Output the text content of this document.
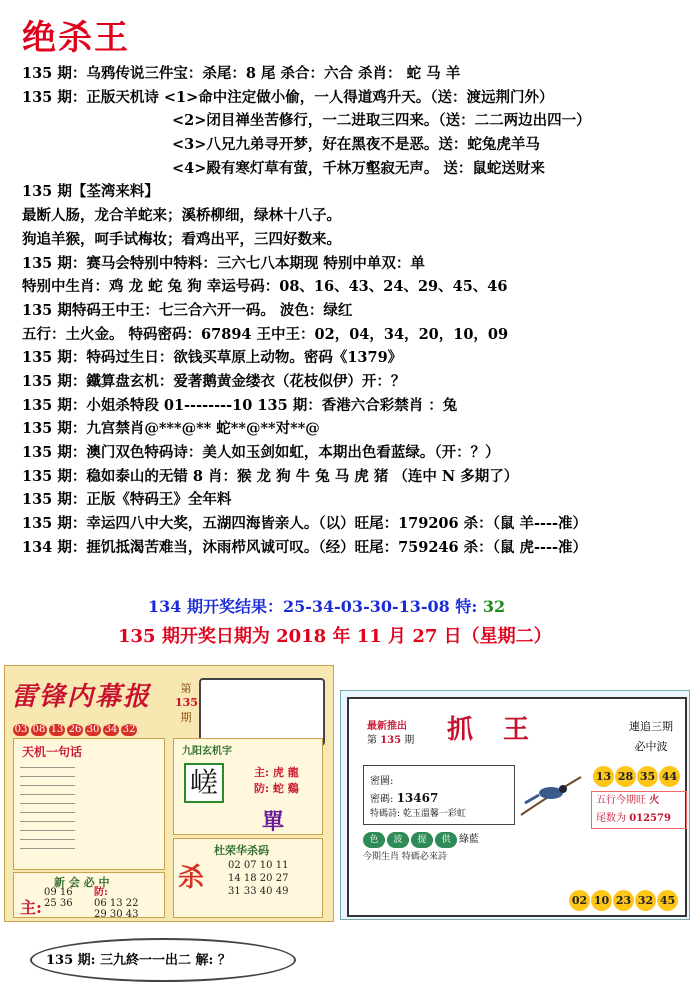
绝杀王
135 期：乌鸦传说三件宝：杀尾：8 尾 杀合：六合 杀肖： 蛇 马 羊
135 期：正版天机诗 <1>命中注定做小偷，一人得道鸡升天。（送：渡远荆门外）
<2>闭目禅坐苦修行，一二进取三四来。（送：二二两边出四一）
<3>八兄九弟寻开梦，好在黑夜不是恶。送：蛇兔虎羊马
<4>殿有寒灯草有萤，千林万壑寂无声。 送：鼠蛇送财来
135 期【荃湾来料】
最断人肠，龙合羊蛇来；溪桥柳细，绿林十八子。
狗追羊猴，呵手试梅妆；看鸡出平，三四好数来。
135 期：赛马会特别中特料：三六七八本期现 特别中单双：单
特别中生肖：鸡 龙 蛇 兔 狗 幸运号码：08、16、43、24、29、45、46
135 期特码王中王：七三合六开一码。 波色：绿红
五行：土火金。 特码密码：67894 王中王：02，04，34，20，10，09
135 期：特码过生日：欲钱买草原上动物。密码《1379》
135 期：鐵算盘玄机：爱著鹅黄金缕衣（花枝似伊）开：？
135 期：小姐杀特段 01--------10 135 期：香港六合彩禁肖 ：兔
135 期：九宫禁肖@***@** 蛇**@**对**@
135 期：澳门双色特码诗：美人如玉剑如虹，本期出色看蓝绿。（开：？）
135 期：稳如泰山的无错 8 肖：猴 龙 狗 牛 兔 马 虎 猪 （连中 N 多期了）
135 期：正版《特码王》全年料
135 期：幸运四八中大奖，五湖四海皆亲人。（以）旺尾：179206 杀：（鼠 羊----准）
134 期：捱饥抵渴苦难当，沐雨栉风诚可叹。（经）旺尾：759246 杀：（鼠 虎----准）
134 期开奖结果：25-34-03-30-13-08 特: 32
135 期开奖日期为 2018 年 11 月 27 日（星期二）
雷锋内幕报	第
135
期
03 08 13 26 30 34 32
天机一句话
─────────────
─────────────
─────────────
─────────────
─────────────
─────────────
─────────────
─────────────
─────────────
─────────────
九阳玄机字
嵯	主: 虎 龍
防: 蛇 鷄
單
新 会 必 中
主:
09 16
25 36
防:
06 13 22
29 30 43
杜荣华杀码
杀 02 07 10 11
14 18 20 27
31 33 40 49
最新推出
第 135 期 抓王	連追三期
必中波
13 28 35 44
五行今期旺 火
尾数为 012579
密圖:
密碼: 13467
特碼詩: 乾玉溫馨一彩虹
色 波 提 供 綠藍
今期生肖 特碼必來詩
02 10 23 32 45
135 期: 三九終一一出二 解: ？
